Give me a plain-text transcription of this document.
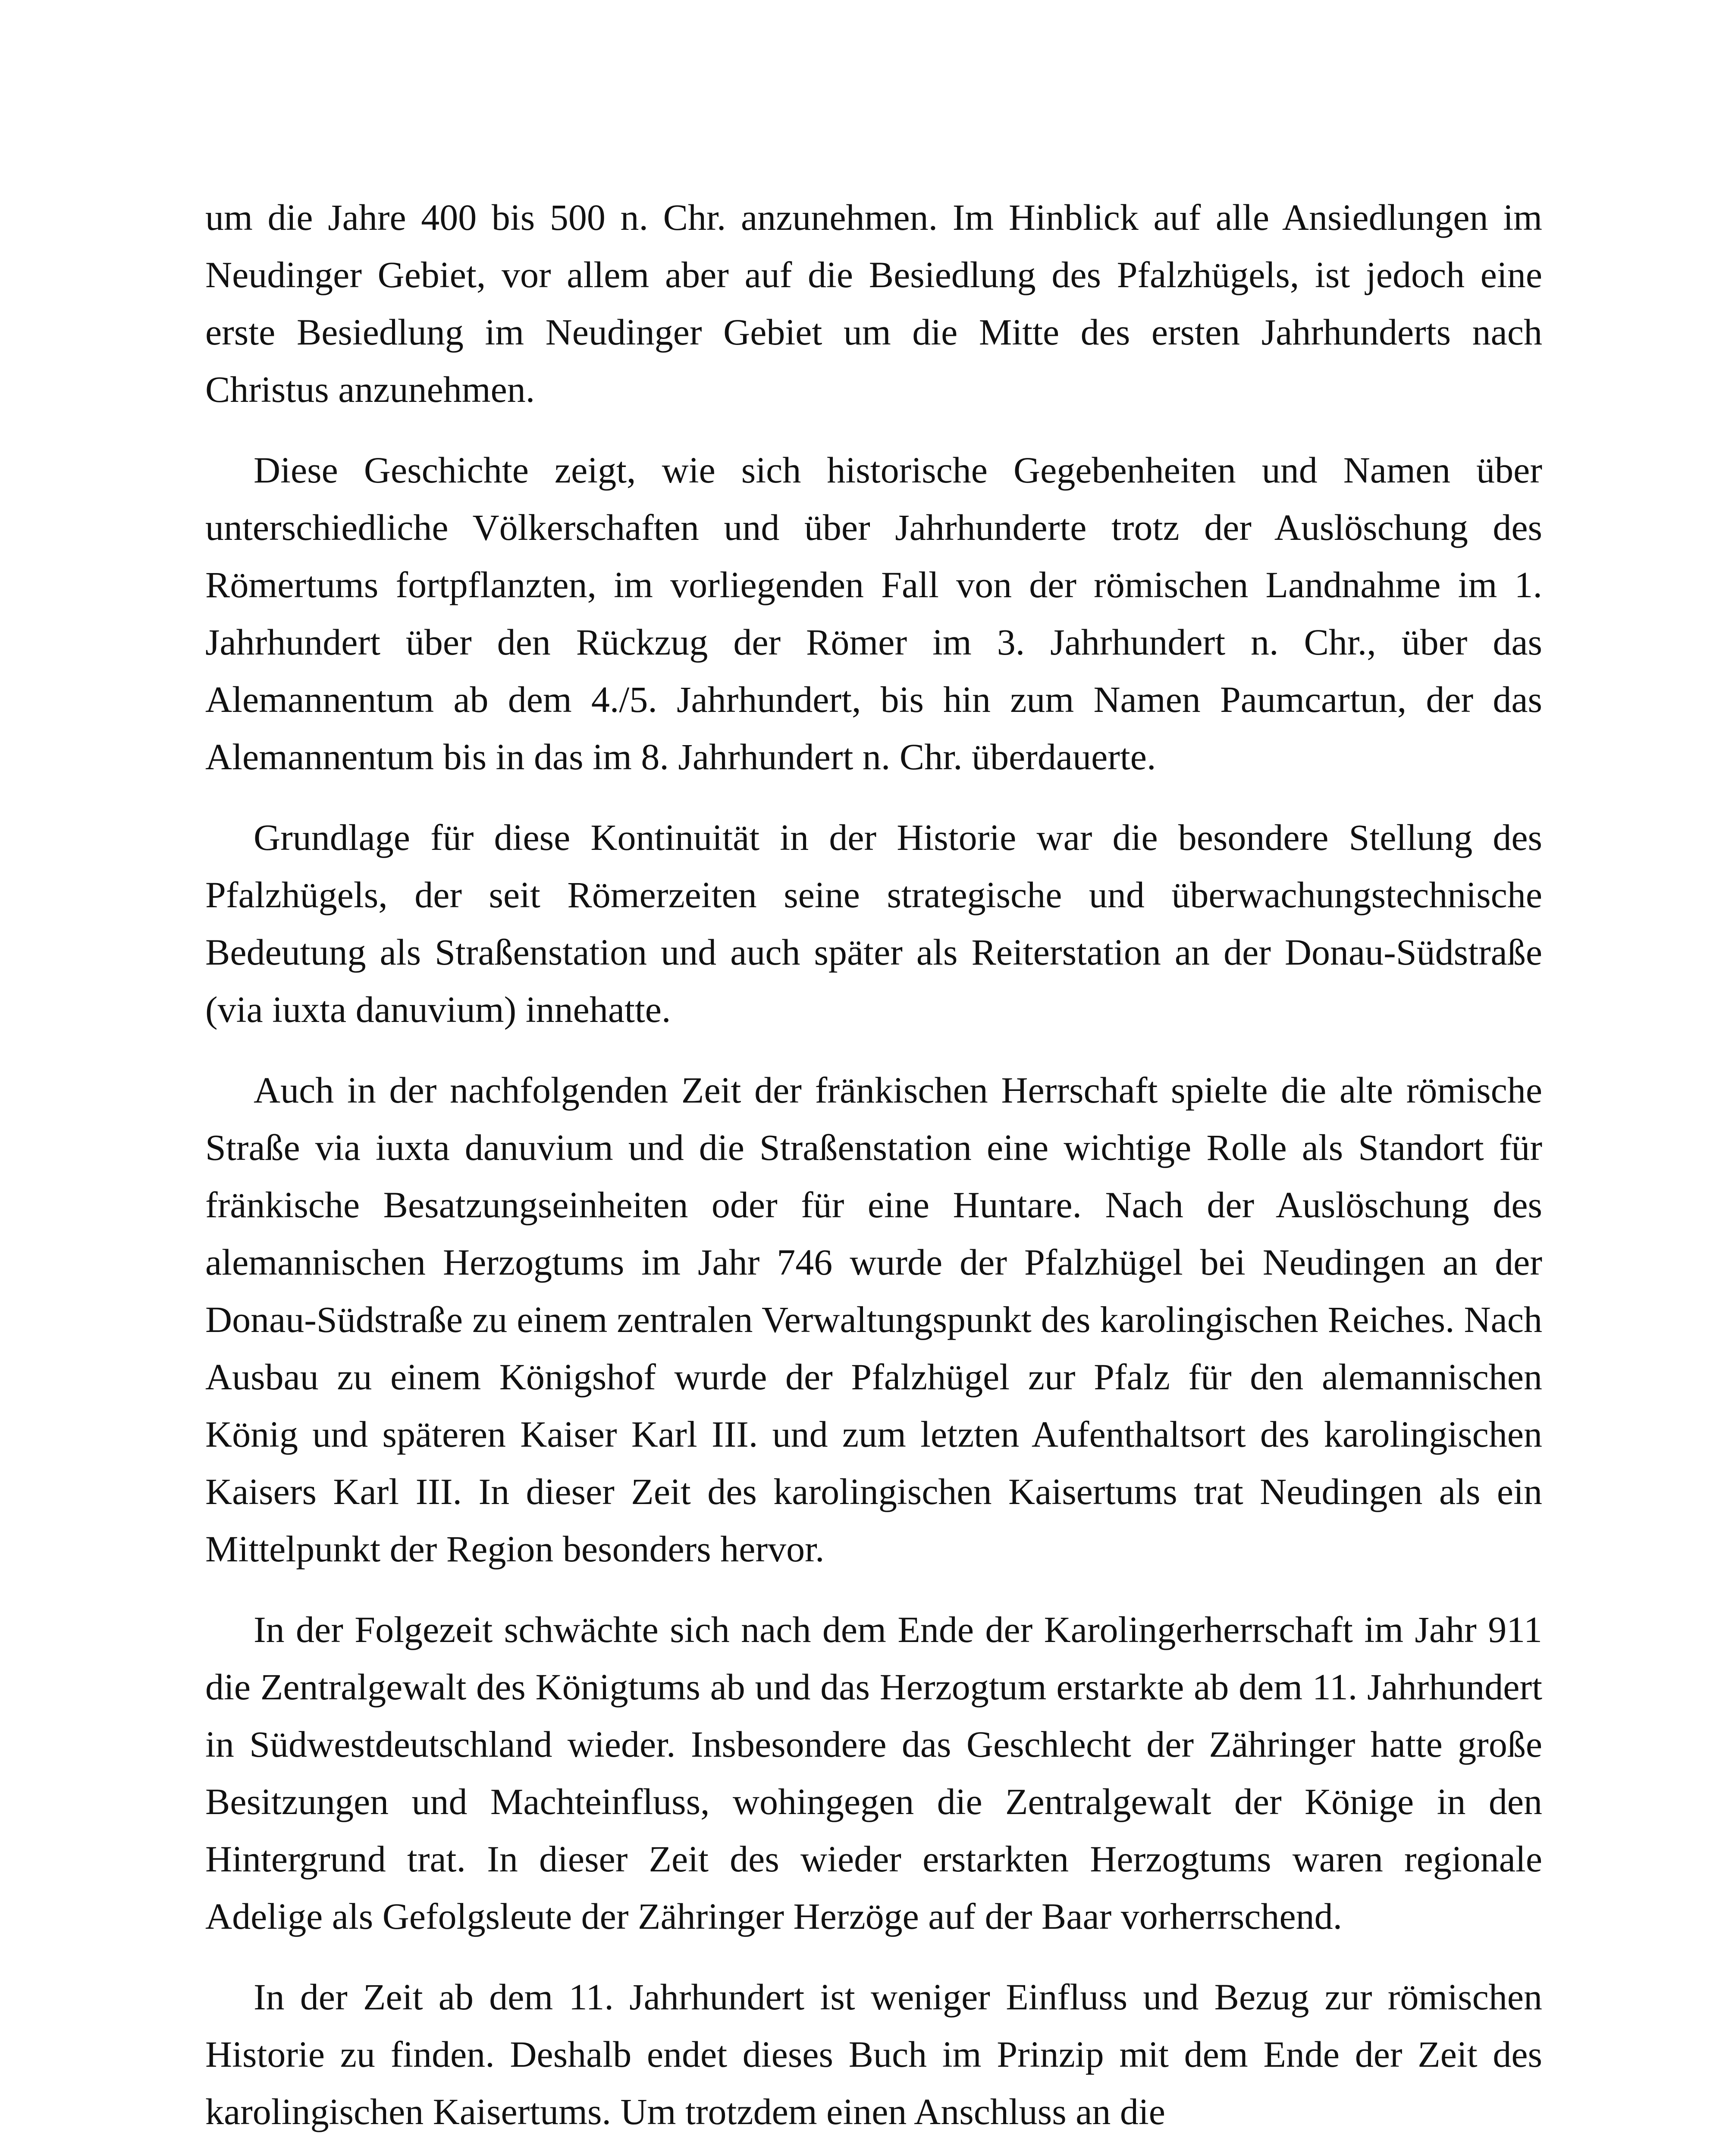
um die Jahre 400 bis 500 n. Chr. anzunehmen. Im Hinblick auf alle Ansiedlungen im Neudinger Gebiet, vor allem aber auf die Besiedlung des Pfalzhügels, ist jedoch eine erste Besiedlung im Neudinger Gebiet um die Mitte des ersten Jahrhunderts nach Christus anzunehmen.

Diese Geschichte zeigt, wie sich historische Gegebenheiten und Namen über unterschiedliche Völkerschaften und über Jahrhunderte trotz der Auslöschung des Römertums fortpflanzten, im vorliegenden Fall von der römischen Landnahme im 1. Jahrhundert über den Rückzug der Römer im 3. Jahrhundert n. Chr., über das Alemannentum ab dem 4./5. Jahrhundert, bis hin zum Namen Paumcartun, der das Alemannentum bis in das im 8. Jahrhundert n. Chr. überdauerte.

Grundlage für diese Kontinuität in der Historie war die besondere Stellung des Pfalzhügels, der seit Römerzeiten seine strategische und überwachungstechnische Bedeutung als Straßenstation und auch später als Reiterstation an der Donau-Südstraße (via iuxta danuvium) innehatte.

Auch in der nachfolgenden Zeit der fränkischen Herrschaft spielte die alte römische Straße via iuxta danuvium und die Straßenstation eine wichtige Rolle als Standort für fränkische Besatzungseinheiten oder für eine Huntare. Nach der Auslöschung des alemannischen Herzogtums im Jahr 746 wurde der Pfalzhügel bei Neudingen an der Donau-Südstraße zu einem zentralen Verwaltungspunkt des karolingischen Reiches. Nach Ausbau zu einem Königshof wurde der Pfalzhügel zur Pfalz für den alemannischen König und späteren Kaiser Karl III. und zum letzten Aufenthaltsort des karolingischen Kaisers Karl III. In dieser Zeit des karolingischen Kaisertums trat Neudingen als ein Mittelpunkt der Region besonders hervor.

In der Folgezeit schwächte sich nach dem Ende der Karolingerherrschaft im Jahr 911 die Zentralgewalt des Königtums ab und das Herzogtum erstarkte ab dem 11. Jahrhundert in Südwestdeutschland wieder. Insbesondere das Geschlecht der Zähringer hatte große Besitzungen und Machteinfluss, wohingegen die Zentralgewalt der Könige in den Hintergrund trat. In dieser Zeit des wieder erstarkten Herzogtums waren regionale Adelige als Gefolgsleute der Zähringer Herzöge auf der Baar vorherrschend.

In der Zeit ab dem 11. Jahrhundert ist weniger Einfluss und Bezug zur römischen Historie zu finden. Deshalb endet dieses Buch im Prinzip mit dem Ende der Zeit des karolingischen Kaisertums. Um trotzdem einen Anschluss an die
